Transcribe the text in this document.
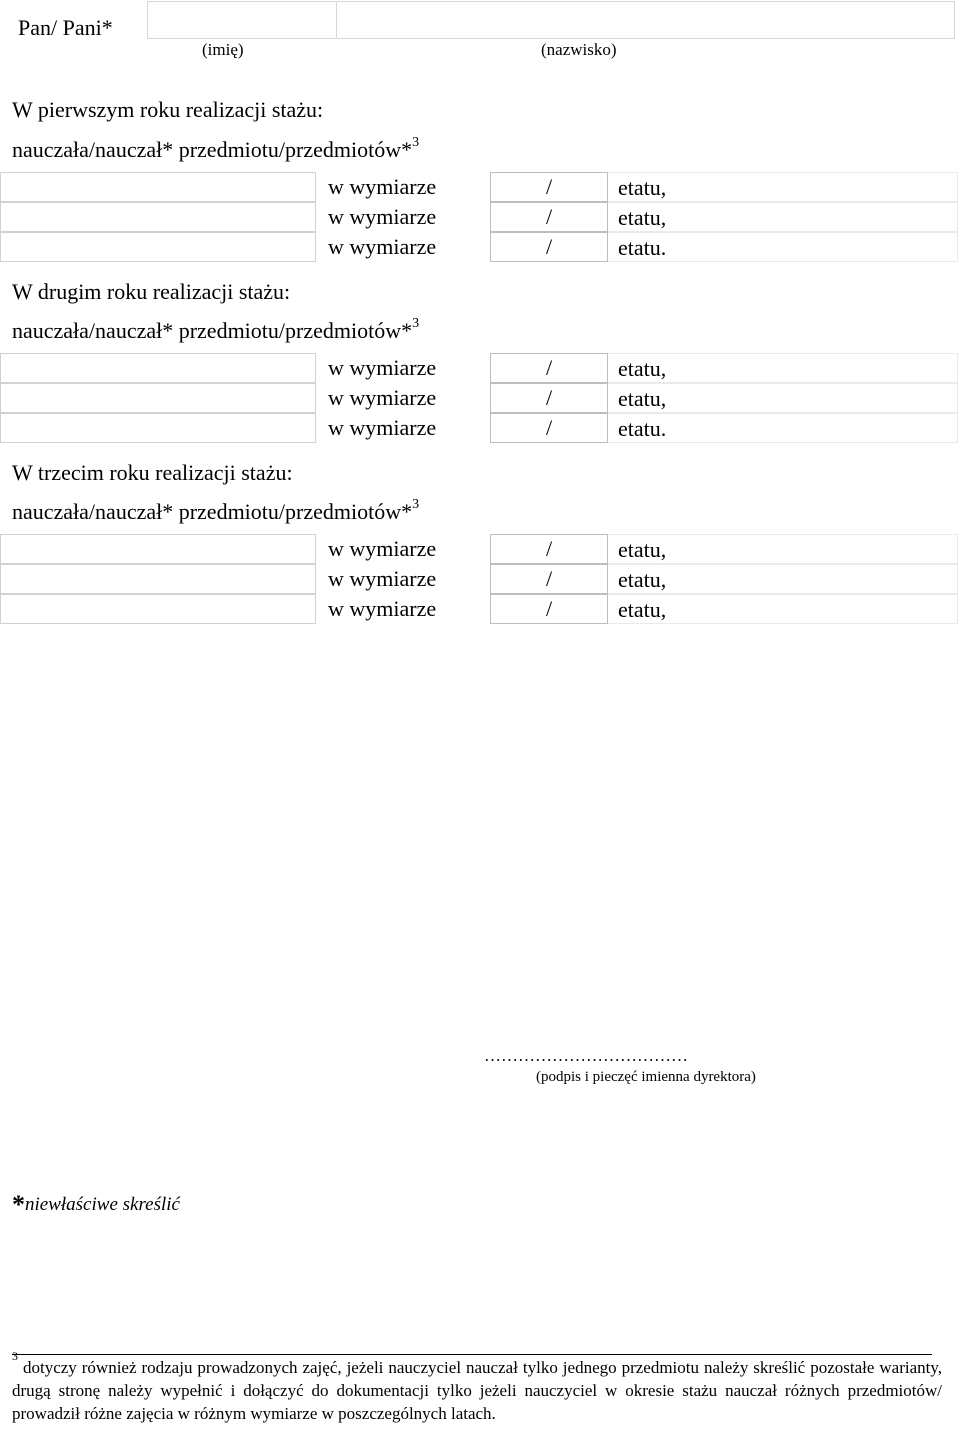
Pan/ Pani*
(imię)	(nazwisko)
W pierwszym roku realizacji stażu:
nauczała/nauczał* przedmiotu/przedmiotów*$^3$
w wymiarze	/	etatu,
w wymiarze	/	etatu,
w wymiarze	/	etatu.
W drugim roku realizacji stażu:
nauczała/nauczał* przedmiotu/przedmiotów*$^3$
w wymiarze	/	etatu,
w wymiarze	/	etatu,
w wymiarze	/	etatu.
W trzecim roku realizacji stażu:
nauczała/nauczał* przedmiotu/przedmiotów*$^3$
w wymiarze	/	etatu,
w wymiarze	/	etatu,
w wymiarze	/	etatu,
………………………………
(podpis i pieczęć imienna dyrektora)
*niewłaściwe skreślić
$^3$ dotyczy również rodzaju prowadzonych zajęć, jeżeli nauczyciel nauczał tylko jednego przedmiotu należy skreślić pozostałe warianty, drugą stronę należy wypełnić i dołączyć do dokumentacji tylko jeżeli nauczyciel w okresie stażu nauczał różnych przedmiotów/ prowadził różne zajęcia w różnym wymiarze w poszczególnych latach.
